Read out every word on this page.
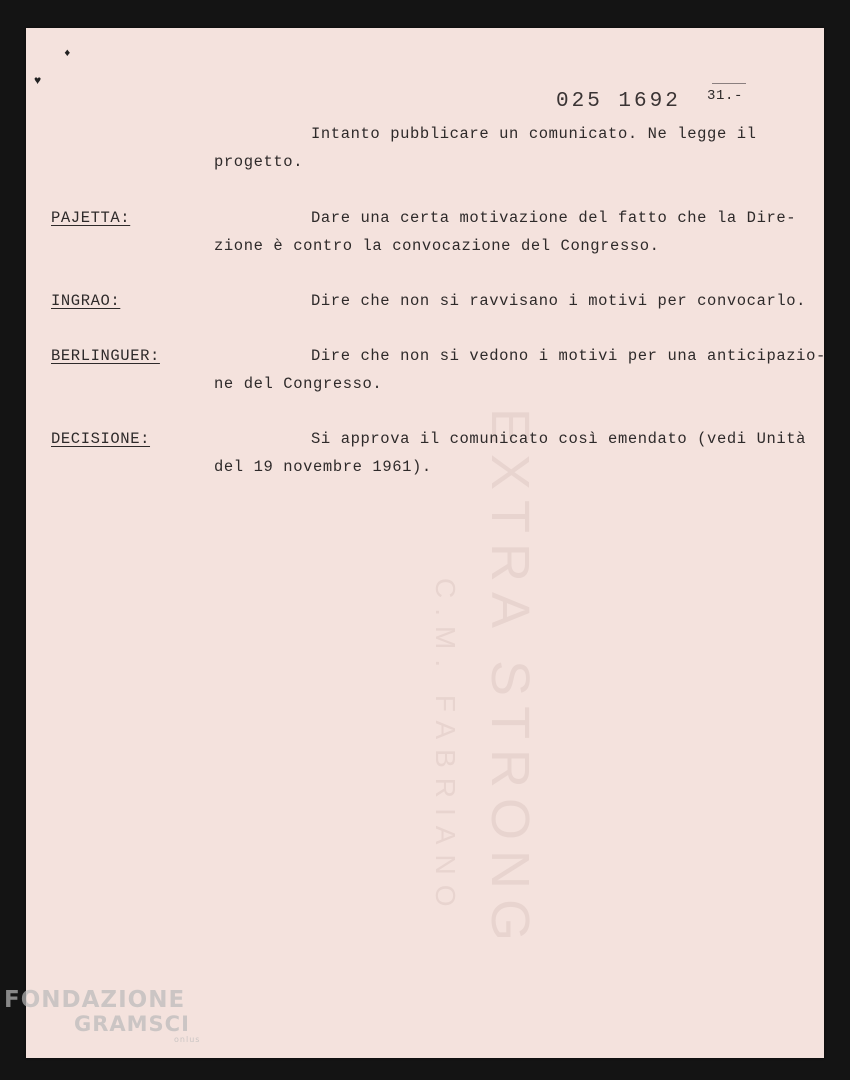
EXTRA STRONG
C.M. FABRIANO
♦
♥
025 1692 31.-
Intanto pubblicare un comunicato. Ne legge il
progetto.
PAJETTA:	Dare una certa motivazione del fatto che la Dire-
zione è contro la convocazione del Congresso.
INGRAO:	Dire che non si ravvisano i motivi per convocarlo.
BERLINGUER:	Dire che non si vedono i motivi per una anticipazio-
ne del Congresso.
DECISIONE:	Si approva il comunicato così emendato (vedi Unità
del 19 novembre 1961).
FONDAZIONE
GRAMSCI
onlus
